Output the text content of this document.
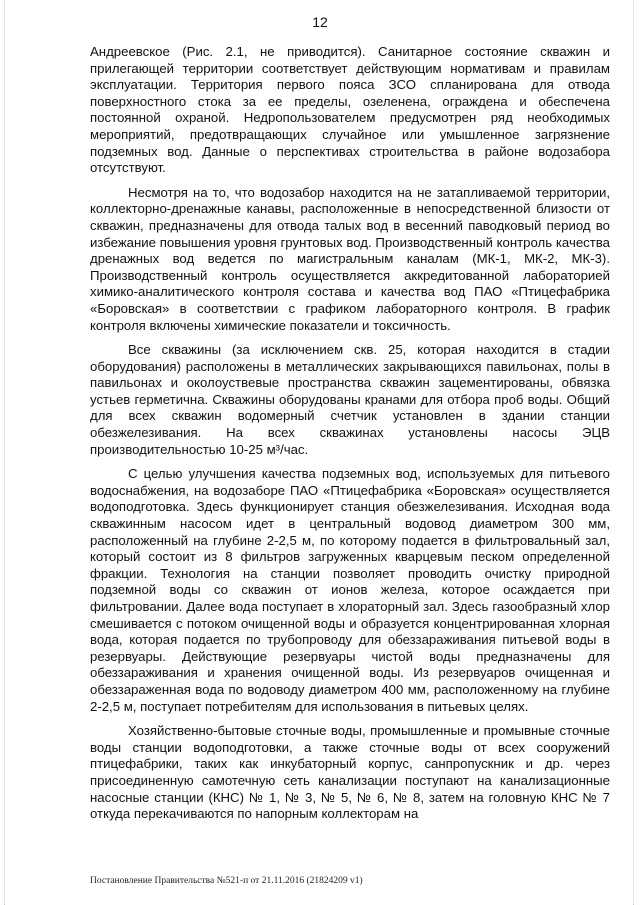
12

Андреевское (Рис. 2.1, не приводится). Санитарное состояние скважин и прилегающей территории соответствует действующим нормативам и правилам эксплуатации. Территория первого пояса ЗСО спланирована для отвода поверхностного стока за ее пределы, озеленена, ограждена и обеспечена постоянной охраной. Недропользователем предусмотрен ряд необходимых мероприятий, предотвращающих случайное или умышленное загрязнение подземных вод. Данные о перспективах строительства в районе водозабора отсутствуют.

Несмотря на то, что водозабор находится на не затапливаемой территории, коллекторно-дренажные канавы, расположенные в непосредственной близости от скважин, предназначены для отвода талых вод в весенний паводковый период во избежание повышения уровня грунтовых вод. Производственный контроль качества дренажных вод ведется по магистральным каналам (МК-1, МК-2, МК-3). Производственный контроль осуществляется аккредитованной лабораторией химико-аналитического контроля состава и качества вод ПАО «Птицефабрика «Боровская» в соответствии с графиком лабораторного контроля. В график контроля включены химические показатели и токсичность.

Все скважины (за исключением скв. 25, которая находится в стадии оборудования) расположены в металлических закрывающихся павильонах, полы в павильонах и околоуствевые пространства скважин зацементированы, обвязка устьев герметична. Скважины оборудованы кранами для отбора проб воды. Общий для всех скважин водомерный счетчик установлен в здании станции обезжелезивания. На всех скважинах установлены насосы ЭЦВ производительностью 10-25 м³/час.

С целью улучшения качества подземных вод, используемых для питьевого водоснабжения, на водозаборе ПАО «Птицефабрика «Боровская» осуществляется водоподготовка. Здесь функционирует станция обезжелезивания. Исходная вода скважинным насосом идет в центральный водовод диаметром 300 мм, расположенный на глубине 2-2,5 м, по которому подается в фильтровальный зал, который состоит из 8 фильтров загруженных кварцевым песком определенной фракции. Технология на станции позволяет проводить очистку природной подземной воды со скважин от ионов железа, которое осаждается при фильтровании. Далее вода поступает в хлораторный зал. Здесь газообразный хлор смешивается с потоком очищенной воды и образуется концентрированная хлорная вода, которая подается по трубопроводу для обеззараживания питьевой воды в резервуары. Действующие резервуары чистой воды предназначены для обеззараживания и хранения очищенной воды. Из резервуаров очищенная и обеззараженная вода по водоводу диаметром 400 мм, расположенному на глубине 2-2,5 м, поступает потребителям для использования в питьевых целях.

Хозяйственно-бытовые сточные воды, промышленные и промывные сточные воды станции водоподготовки, а также сточные воды от всех сооружений птицефабрики, таких как инкубаторный корпус, санпропускник и др. через присоединенную самотечную сеть канализации поступают на канализационные насосные станции (КНС) № 1, № 3, № 5, № 6, № 8, затем на головную КНС № 7 откуда перекачиваются по напорным коллекторам на

Постановление Правительства №521-п от 21.11.2016 (21824209 v1)
